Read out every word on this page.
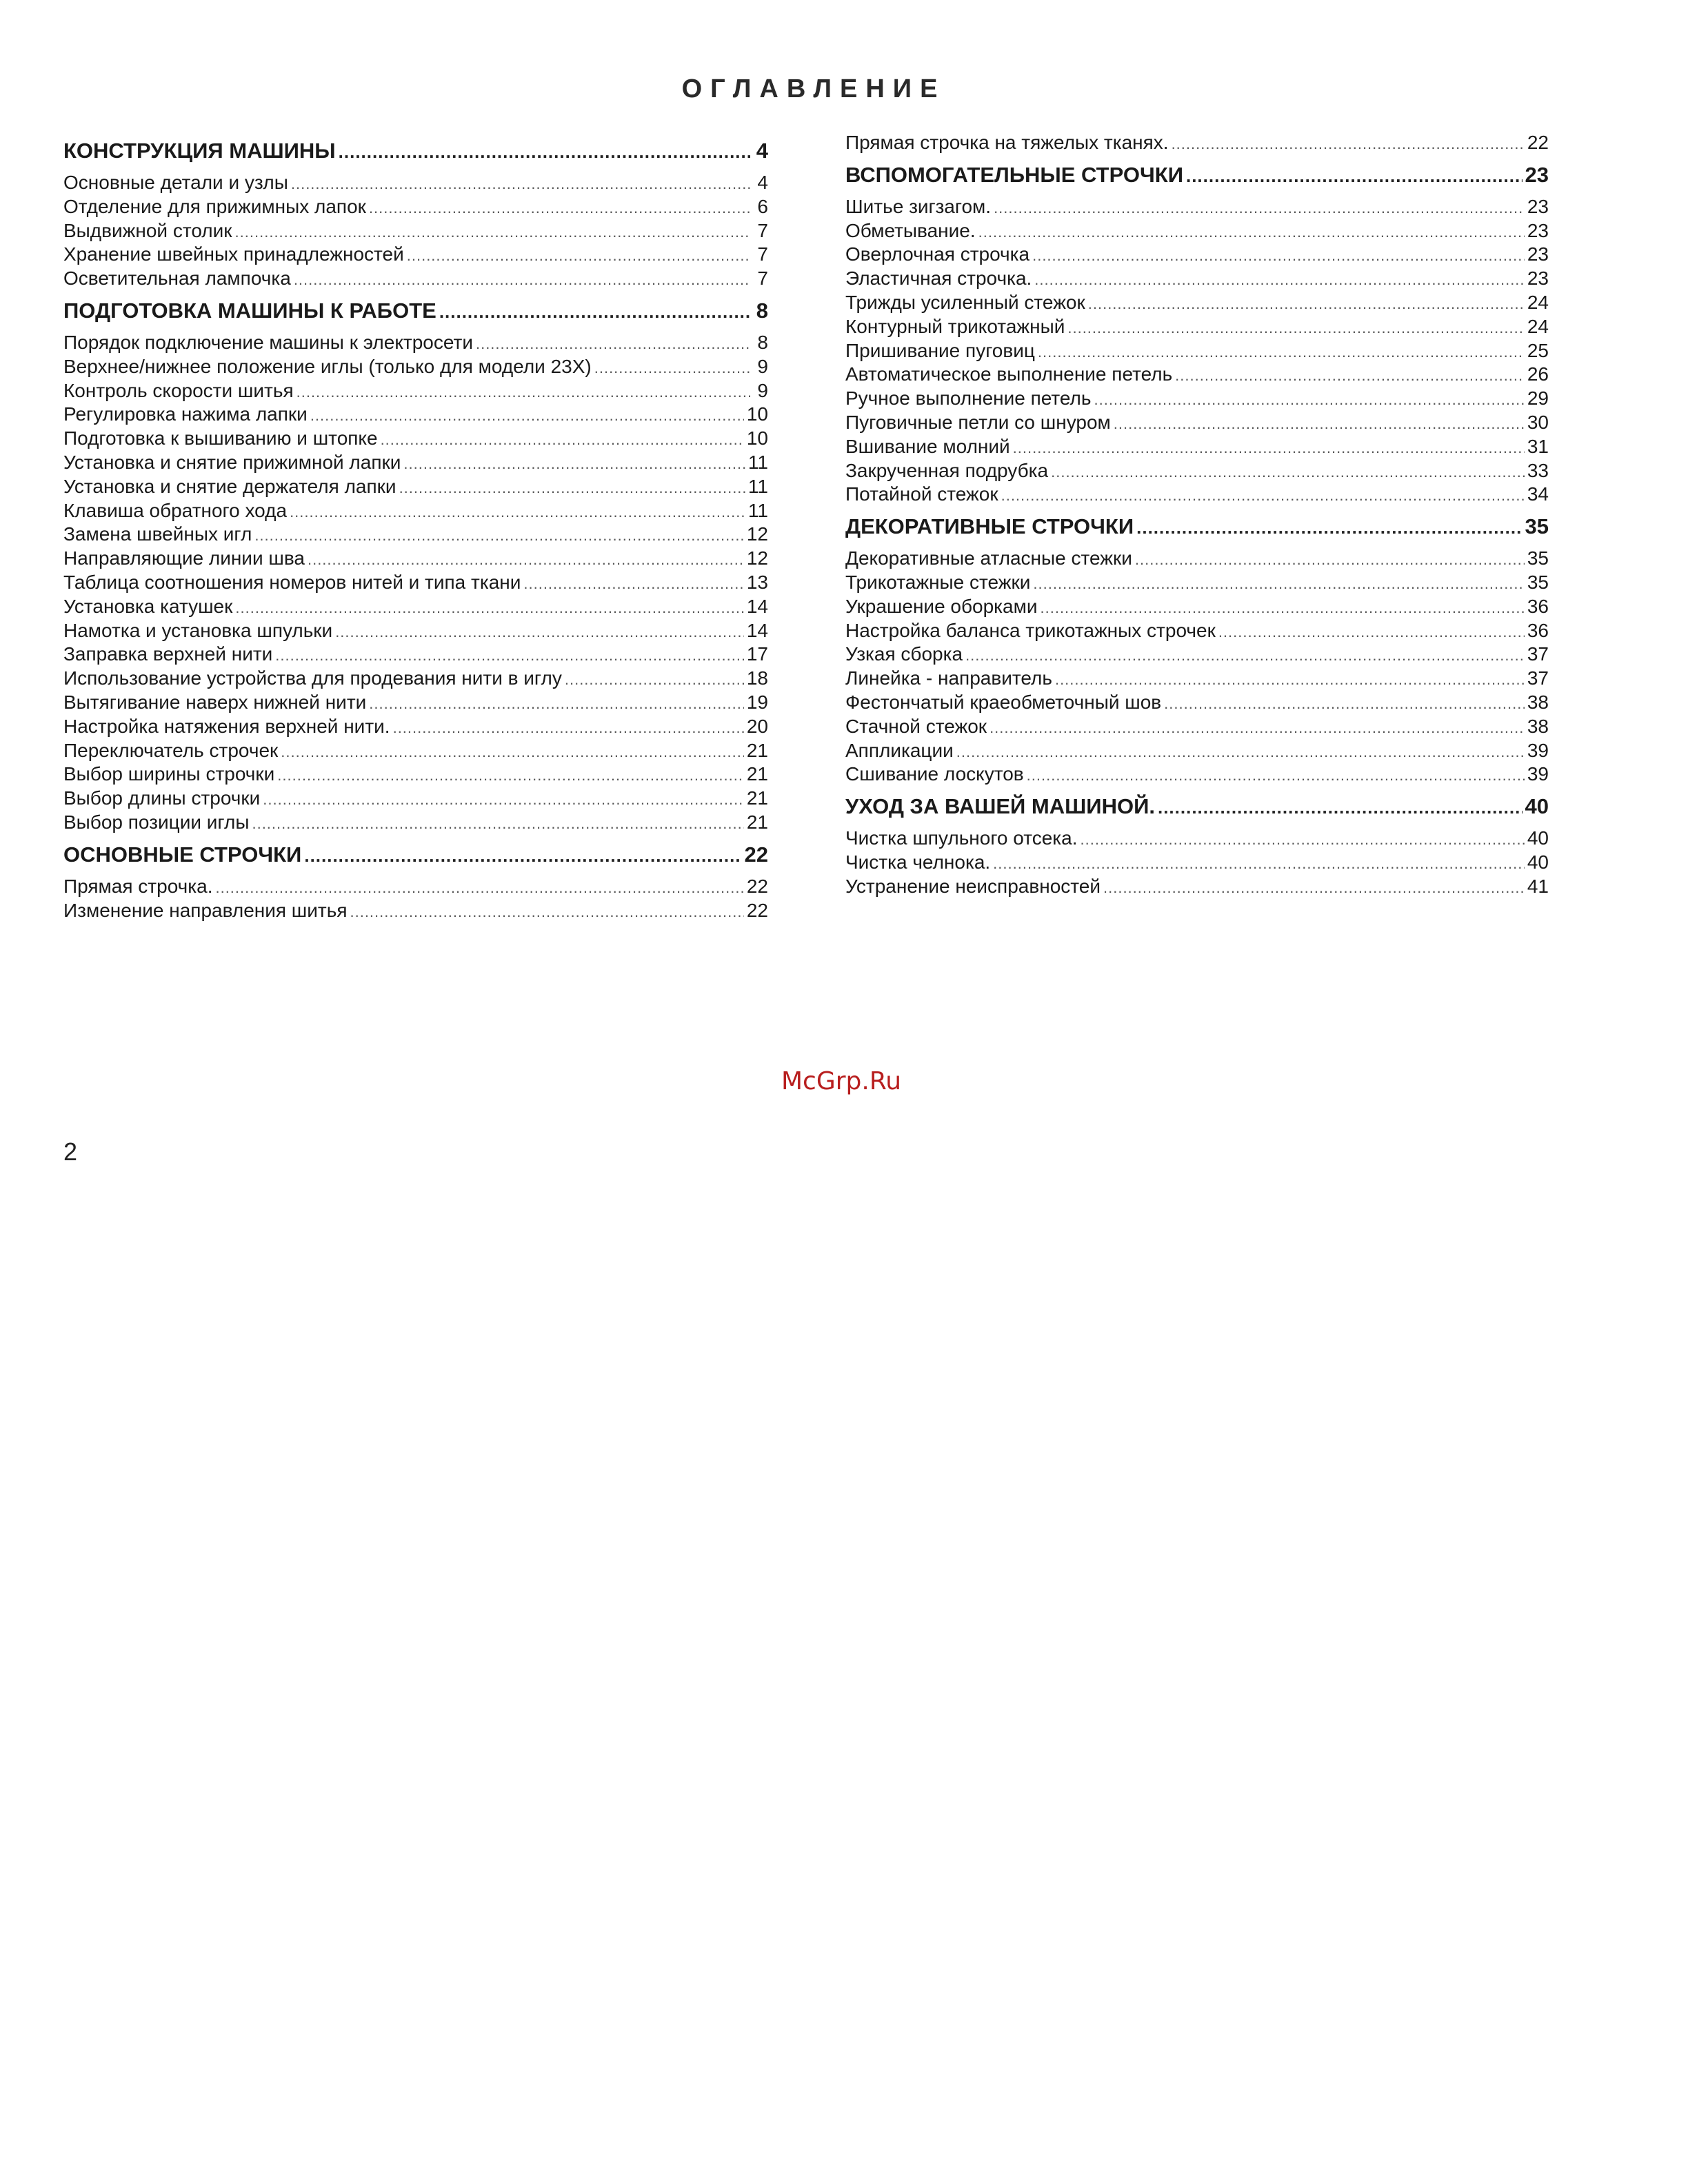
ОГЛАВЛЕНИЕ
КОНСТРУКЦИЯ МАШИНЫ .....	4
Основные детали и узлы .....	4
Отделение для прижимных лапок .....	6
Выдвижной столик .....	7
Хранение швейных принадлежностей .....	7
Осветительная лампочка .....	7
ПОДГОТОВКА МАШИНЫ К РАБОТЕ .....	8
Порядок подключение машины к электросети .....	8
Верхнее/нижнее положение иглы (только для модели 23X) .....	9
Контроль скорости шитья .....	9
Регулировка нажима лапки .....	10
Подготовка к вышиванию и штопке .....	10
Установка и снятие прижимной лапки .....	11
Установка и снятие держателя лапки .....	11
Клавиша обратного хода .....	11
Замена швейных игл .....	12
Направляющие линии шва .....	12
Таблица соотношения номеров нитей и типа ткани .....	13
Установка катушек .....	14
Намотка и установка шпульки .....	14
Заправка верхней нити .....	17
Использование устройства для продевания нити в иглу .....	18
Вытягивание наверх нижней нити .....	19
Настройка натяжения верхней нити. .....	20
Переключатель строчек .....	21
Выбор ширины строчки .....	21
Выбор длины строчки .....	21
Выбор позиции иглы .....	21
ОСНОВНЫЕ СТРОЧКИ .....	22
Прямая строчка. .....	22
Изменение направления шитья .....	22
Прямая строчка на тяжелых тканях. .....	22
ВСПОМОГАТЕЛЬНЫЕ СТРОЧКИ .....	23
Шитье зигзагом. .....	23
Обметывание. .....	23
Оверлочная строчка .....	23
Эластичная строчка. .....	23
Трижды усиленный стежок .....	24
Контурный трикотажный .....	24
Пришивание пуговиц .....	25
Автоматическое выполнение петель .....	26
Ручное выполнение петель .....	29
Пуговичные петли со шнуром .....	30
Вшивание молний .....	31
Закрученная подрубка .....	33
Потайной стежок .....	34
ДЕКОРАТИВНЫЕ СТРОЧКИ .....	35
Декоративные атласные стежки .....	35
Трикотажные стежки .....	35
Украшение оборками .....	36
Настройка баланса трикотажных строчек .....	36
Узкая сборка .....	37
Линейка - направитель .....	37
Фестончатый краеобметочный шов .....	38
Стачной стежок .....	38
Аппликации .....	39
Сшивание лоскутов .....	39
УХОД ЗА ВАШЕЙ МАШИНОЙ. .....	40
Чистка шпульного отсека. .....	40
Чистка челнока. .....	40
Устранение неисправностей .....	41
McGrp.Ru
2
